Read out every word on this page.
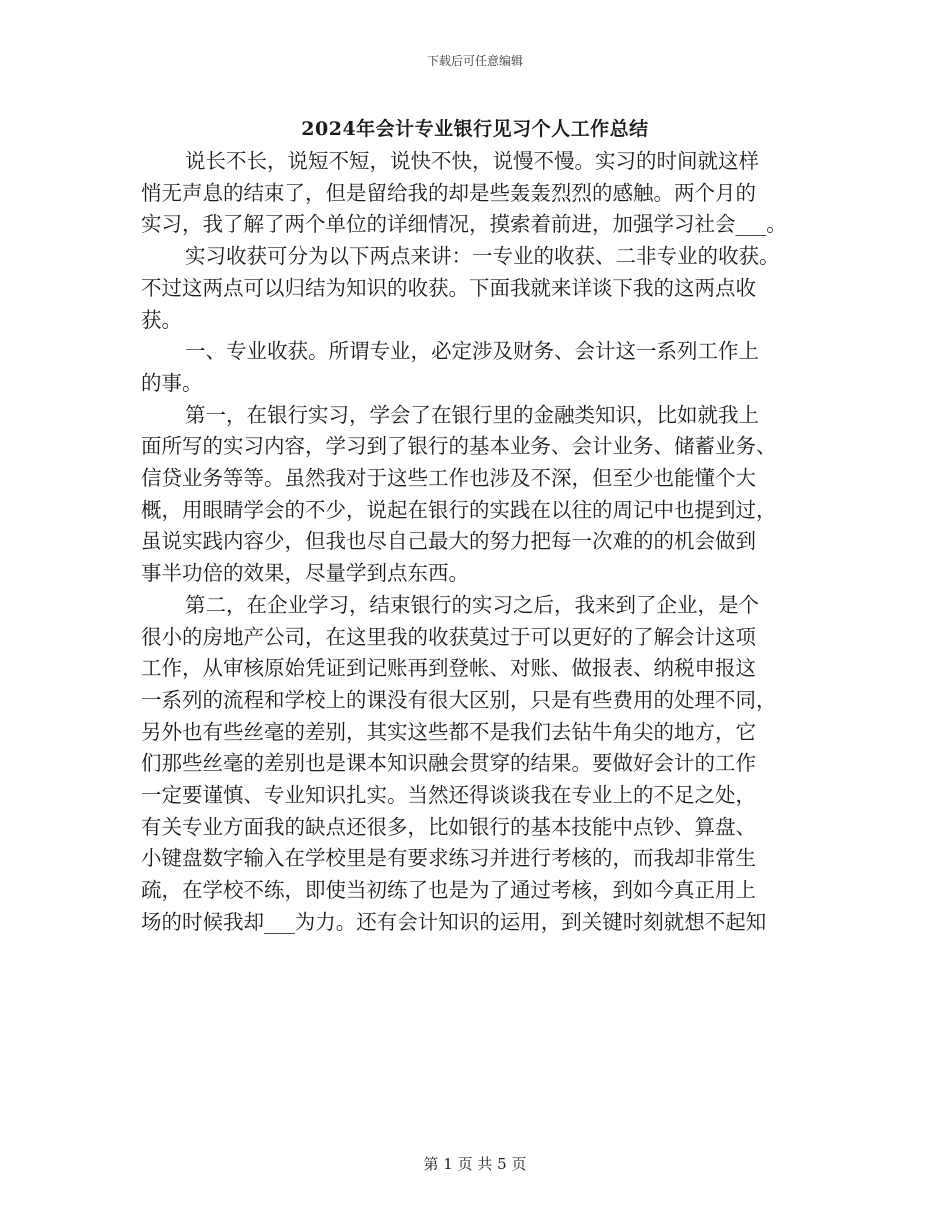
下载后可任意编辑
2024年会计专业银行见习个人工作总结
说长不长，说短不短，说快不快，说慢不慢。实习的时间就这样
悄无声息的结束了，但是留给我的却是些轰轰烈烈的感触。两个月的
实习，我了解了两个单位的详细情况，摸索着前进，加强学习社会___。
实习收获可分为以下两点来讲：一专业的收获、二非专业的收获。
不过这两点可以归结为知识的收获。下面我就来详谈下我的这两点收
获。
一、专业收获。所谓专业，必定涉及财务、会计这一系列工作上
的事。
第一，在银行实习，学会了在银行里的金融类知识，比如就我上
面所写的实习内容，学习到了银行的基本业务、会计业务、储蓄业务、
信贷业务等等。虽然我对于这些工作也涉及不深，但至少也能懂个大
概，用眼睛学会的不少，说起在银行的实践在以往的周记中也提到过，
虽说实践内容少，但我也尽自己最大的努力把每一次难的的机会做到
事半功倍的效果，尽量学到点东西。
第二，在企业学习，结束银行的实习之后，我来到了企业，是个
很小的房地产公司，在这里我的收获莫过于可以更好的了解会计这项
工作，从审核原始凭证到记账再到登帐、对账、做报表、纳税申报这
一系列的流程和学校上的课没有很大区别，只是有些费用的处理不同，
另外也有些丝毫的差别，其实这些都不是我们去钻牛角尖的地方，它
们那些丝毫的差别也是课本知识融会贯穿的结果。要做好会计的工作
一定要谨慎、专业知识扎实。当然还得谈谈我在专业上的不足之处，
有关专业方面我的缺点还很多，比如银行的基本技能中点钞、算盘、
小键盘数字输入在学校里是有要求练习并进行考核的，而我却非常生
疏，在学校不练，即使当初练了也是为了通过考核，到如今真正用上
场的时候我却___为力。还有会计知识的运用，到关键时刻就想不起知
第 1 页 共 5 页
